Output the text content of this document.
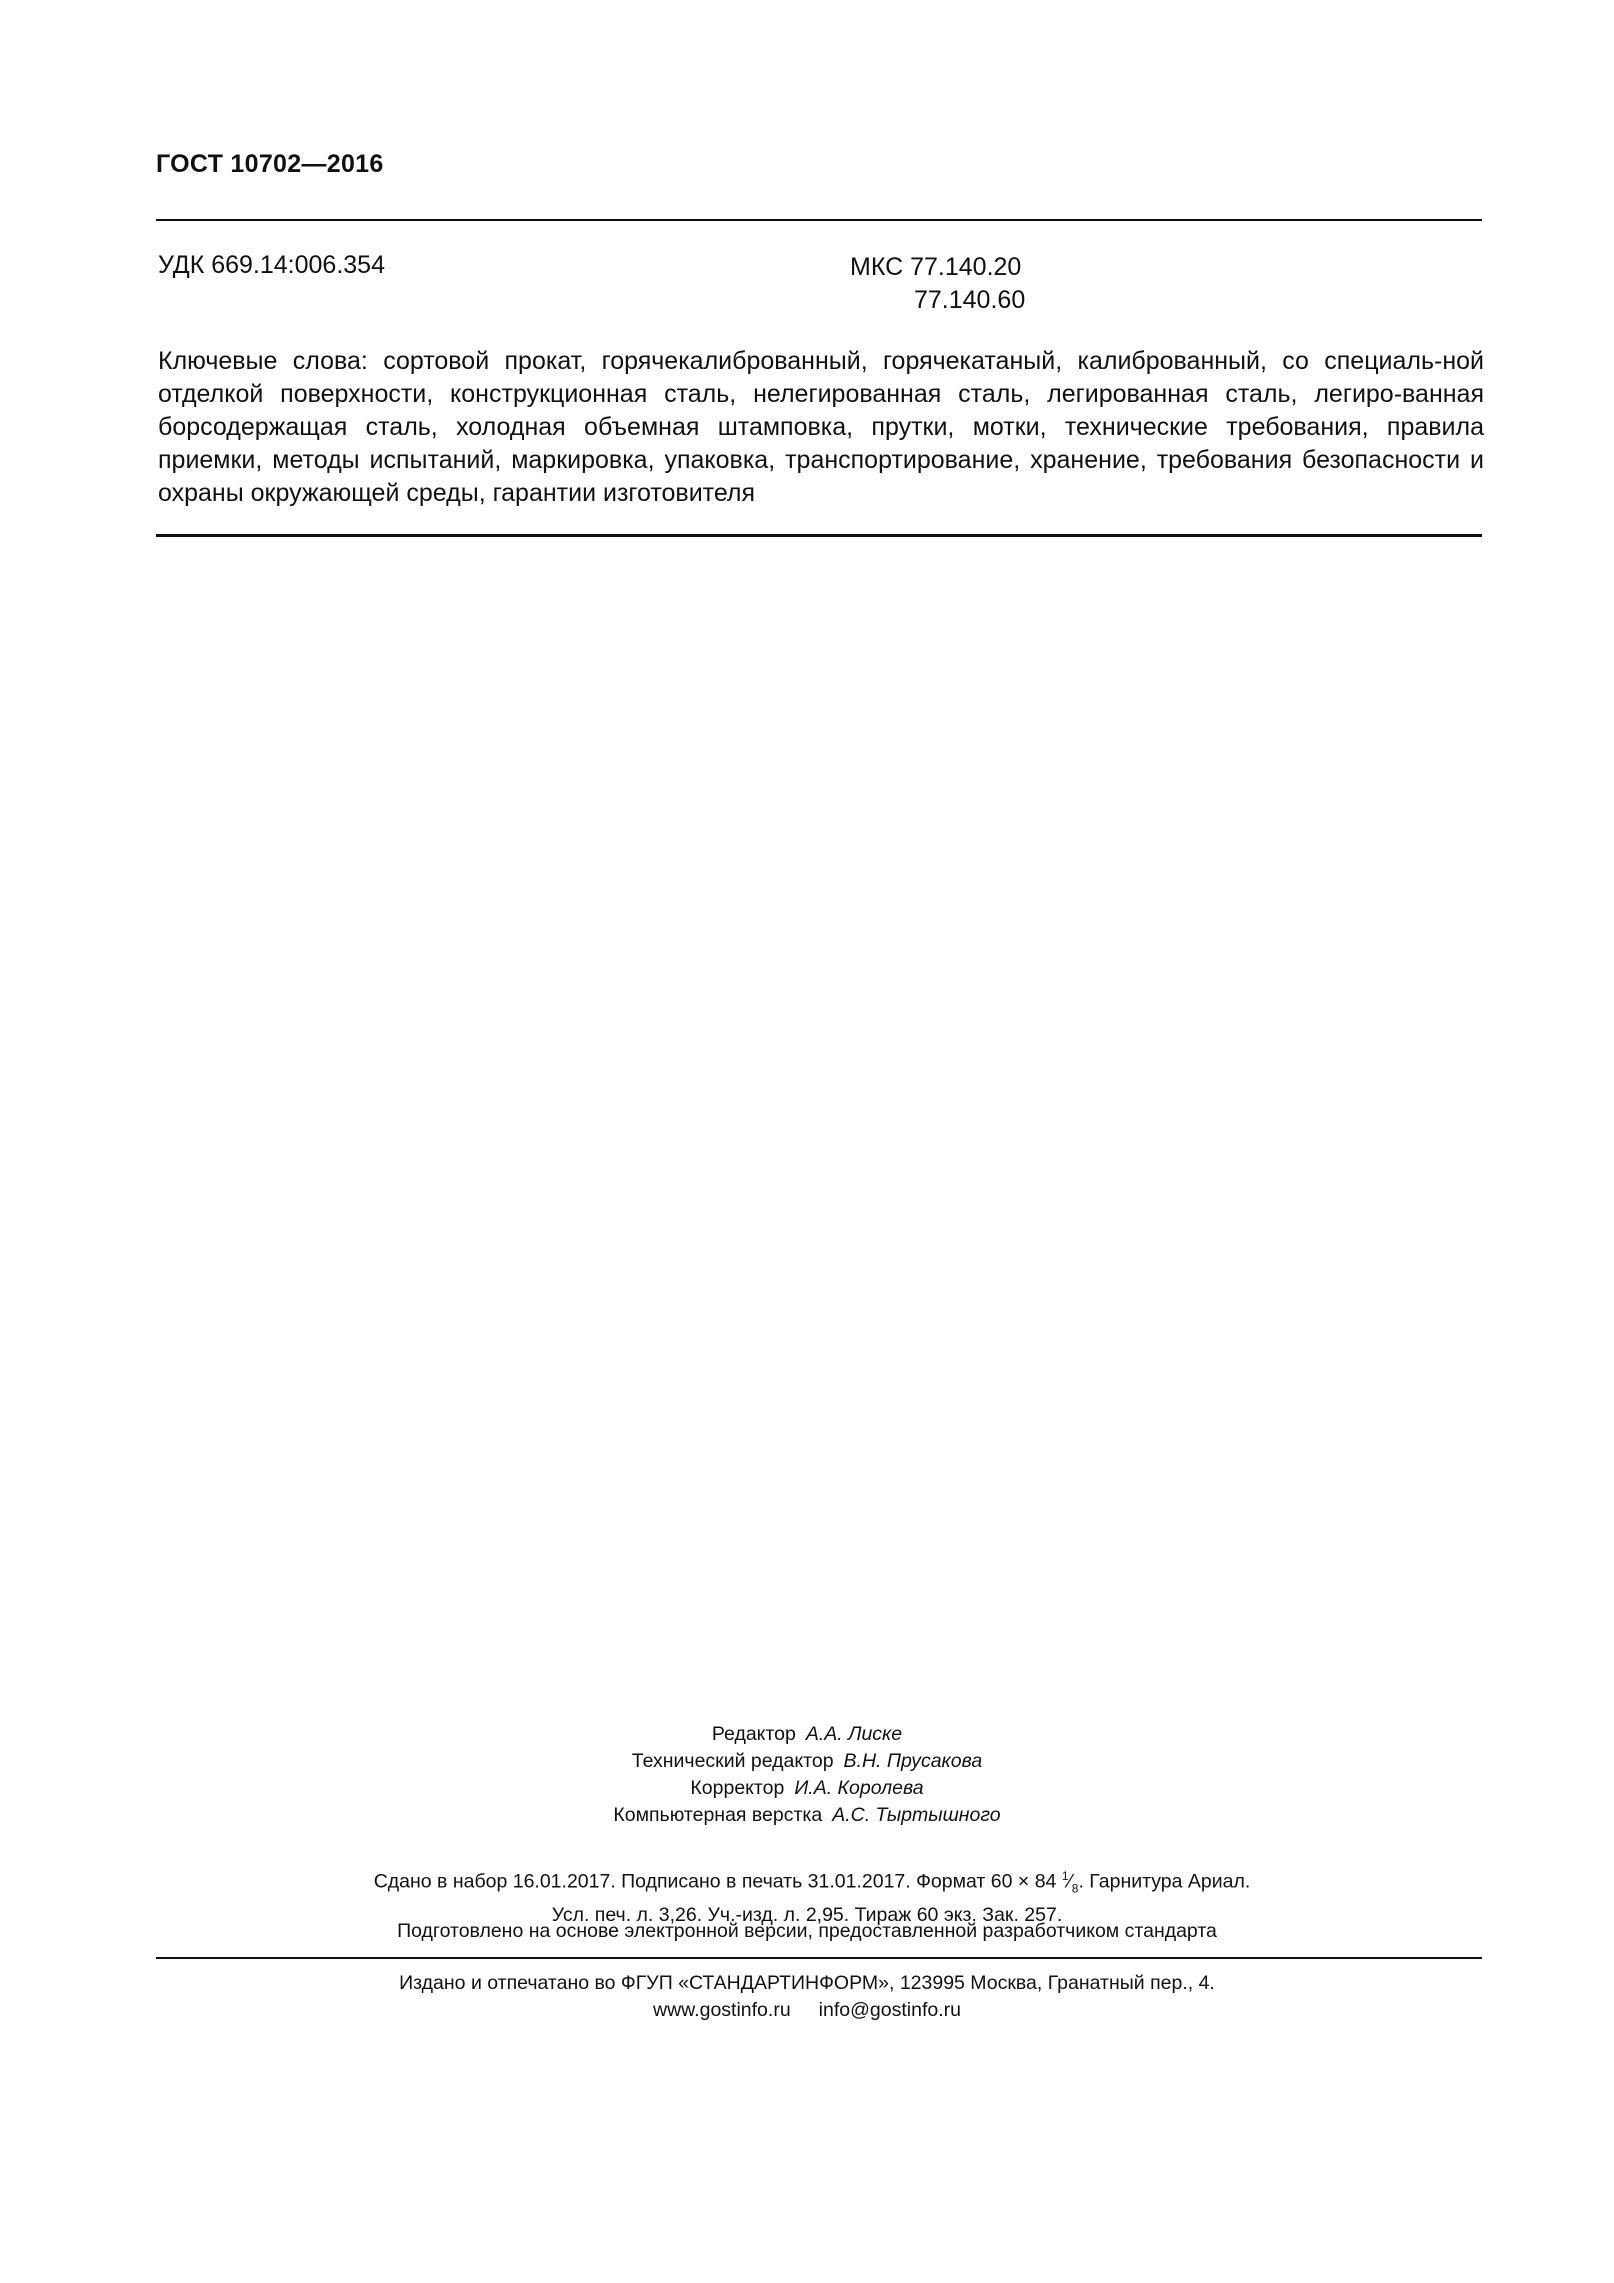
ГОСТ 10702—2016
УДК 669.14:006.354	МКС 77.140.20
77.140.60
Ключевые слова: сортовой прокат, горячекалиброванный, горячекатаный, калиброванный, со специаль-ной отделкой поверхности, конструкционная сталь, нелегированная сталь, легированная сталь, легиро-ванная борсодержащая сталь, холодная объемная штамповка, прутки, мотки, технические требования, правила приемки, методы испытаний, маркировка, упаковка, транспортирование, хранение, требования безопасности и охраны окружающей среды, гарантии изготовителя
Редактор А.А. Лиске
Технический редактор В.Н. Прусакова
Корректор И.А. Королева
Компьютерная верстка А.С. Тыртышного
Сдано в набор 16.01.2017. Подписано в печать 31.01.2017. Формат 60 × 84 $^1⁄_8$. Гарнитура Ариал.
Усл. печ. л. 3,26. Уч.-изд. л. 2,95. Тираж 60 экз. Зак. 257.
Подготовлено на основе электронной версии, предоставленной разработчиком стандарта
Издано и отпечатано во ФГУП «СТАНДАРТИНФОРМ», 123995 Москва, Гранатный пер., 4.
www.gostinfo.ru info@gostinfo.ru
